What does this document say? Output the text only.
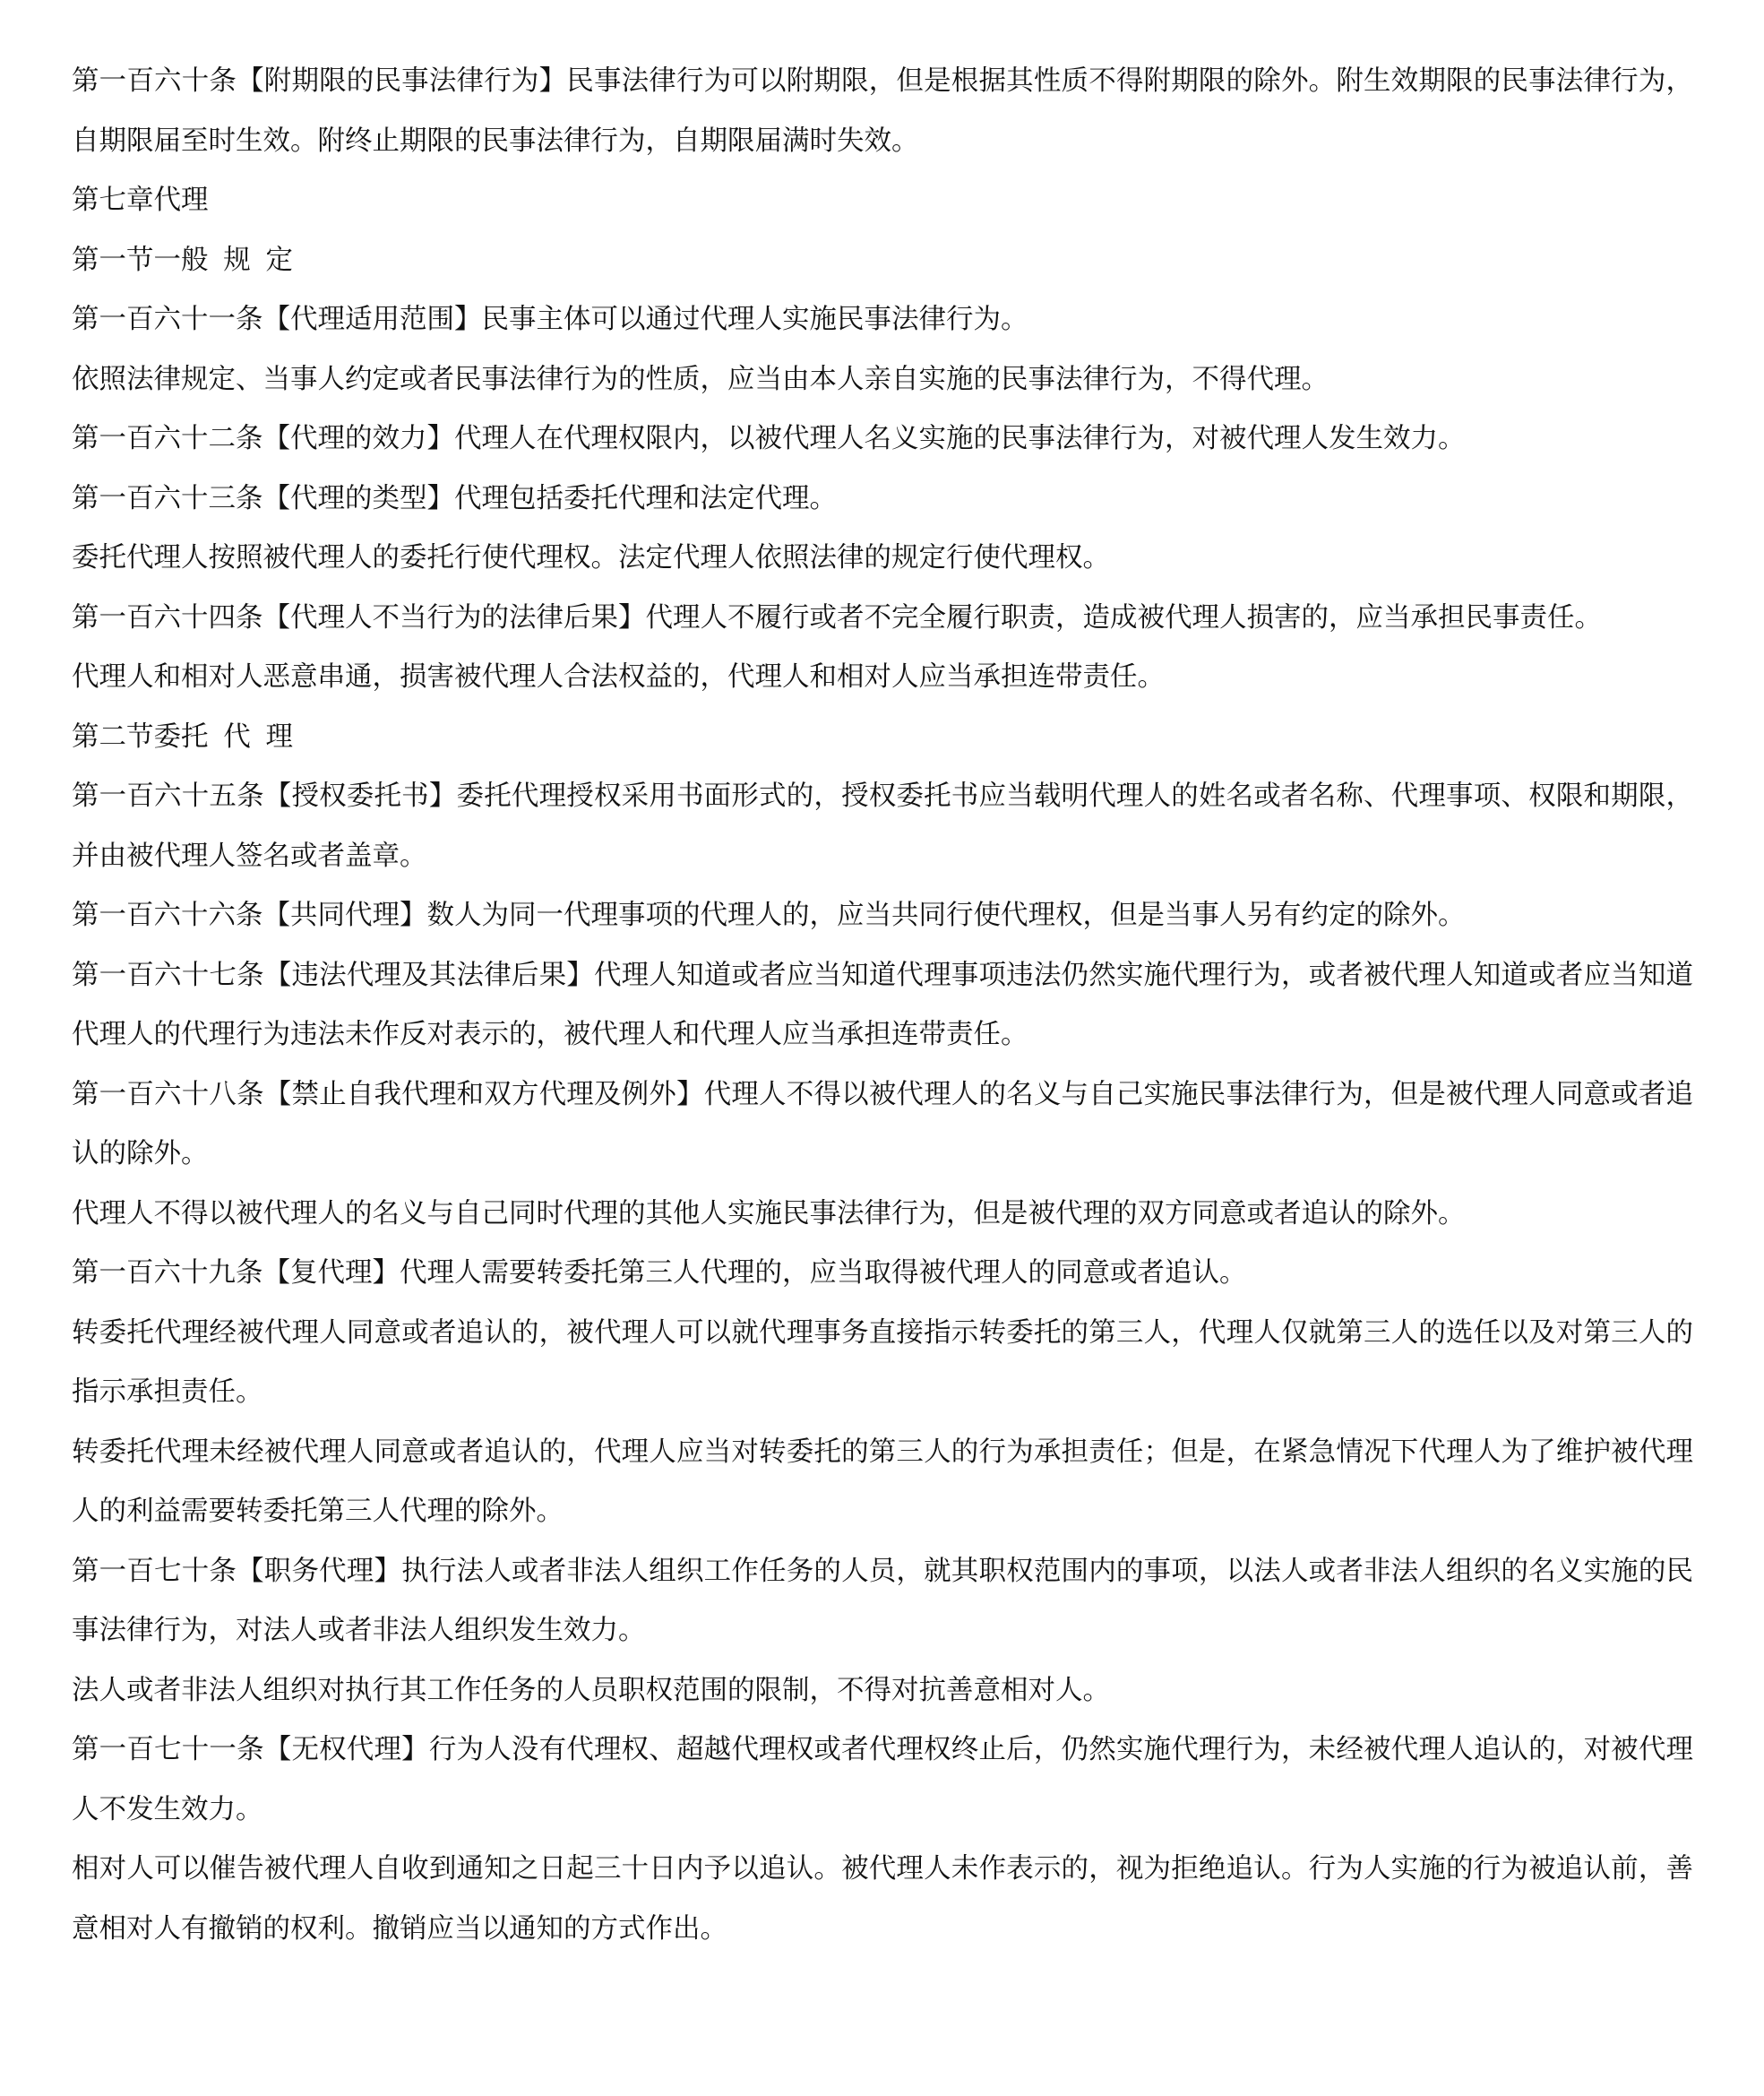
第一百六十条【附期限的民事法律行为】民事法律行为可以附期限，但是根据其性质不得附期限的除外。附生效期限的民事法律行为，自期限届至时生效。附终止期限的民事法律行为，自期限届满时失效。

第七章代理

第一节一般规定

第一百六十一条【代理适用范围】民事主体可以通过代理人实施民事法律行为。

依照法律规定、当事人约定或者民事法律行为的性质，应当由本人亲自实施的民事法律行为，不得代理。

第一百六十二条【代理的效力】代理人在代理权限内，以被代理人名义实施的民事法律行为，对被代理人发生效力。

第一百六十三条【代理的类型】代理包括委托代理和法定代理。

委托代理人按照被代理人的委托行使代理权。法定代理人依照法律的规定行使代理权。

第一百六十四条【代理人不当行为的法律后果】代理人不履行或者不完全履行职责，造成被代理人损害的，应当承担民事责任。

代理人和相对人恶意串通，损害被代理人合法权益的，代理人和相对人应当承担连带责任。

第二节委托代理

第一百六十五条【授权委托书】委托代理授权采用书面形式的，授权委托书应当载明代理人的姓名或者名称、代理事项、权限和期限，并由被代理人签名或者盖章。

第一百六十六条【共同代理】数人为同一代理事项的代理人的，应当共同行使代理权，但是当事人另有约定的除外。

第一百六十七条【违法代理及其法律后果】代理人知道或者应当知道代理事项违法仍然实施代理行为，或者被代理人知道或者应当知道代理人的代理行为违法未作反对表示的，被代理人和代理人应当承担连带责任。

第一百六十八条【禁止自我代理和双方代理及例外】代理人不得以被代理人的名义与自己实施民事法律行为，但是被代理人同意或者追认的除外。

代理人不得以被代理人的名义与自己同时代理的其他人实施民事法律行为，但是被代理的双方同意或者追认的除外。

第一百六十九条【复代理】代理人需要转委托第三人代理的，应当取得被代理人的同意或者追认。

转委托代理经被代理人同意或者追认的，被代理人可以就代理事务直接指示转委托的第三人，代理人仅就第三人的选任以及对第三人的指示承担责任。

转委托代理未经被代理人同意或者追认的，代理人应当对转委托的第三人的行为承担责任；但是，在紧急情况下代理人为了维护被代理人的利益需要转委托第三人代理的除外。

第一百七十条【职务代理】执行法人或者非法人组织工作任务的人员，就其职权范围内的事项，以法人或者非法人组织的名义实施的民事法律行为，对法人或者非法人组织发生效力。

法人或者非法人组织对执行其工作任务的人员职权范围的限制，不得对抗善意相对人。

第一百七十一条【无权代理】行为人没有代理权、超越代理权或者代理权终止后，仍然实施代理行为，未经被代理人追认的，对被代理人不发生效力。

相对人可以催告被代理人自收到通知之日起三十日内予以追认。被代理人未作表示的，视为拒绝追认。行为人实施的行为被追认前，善意相对人有撤销的权利。撤销应当以通知的方式作出。
